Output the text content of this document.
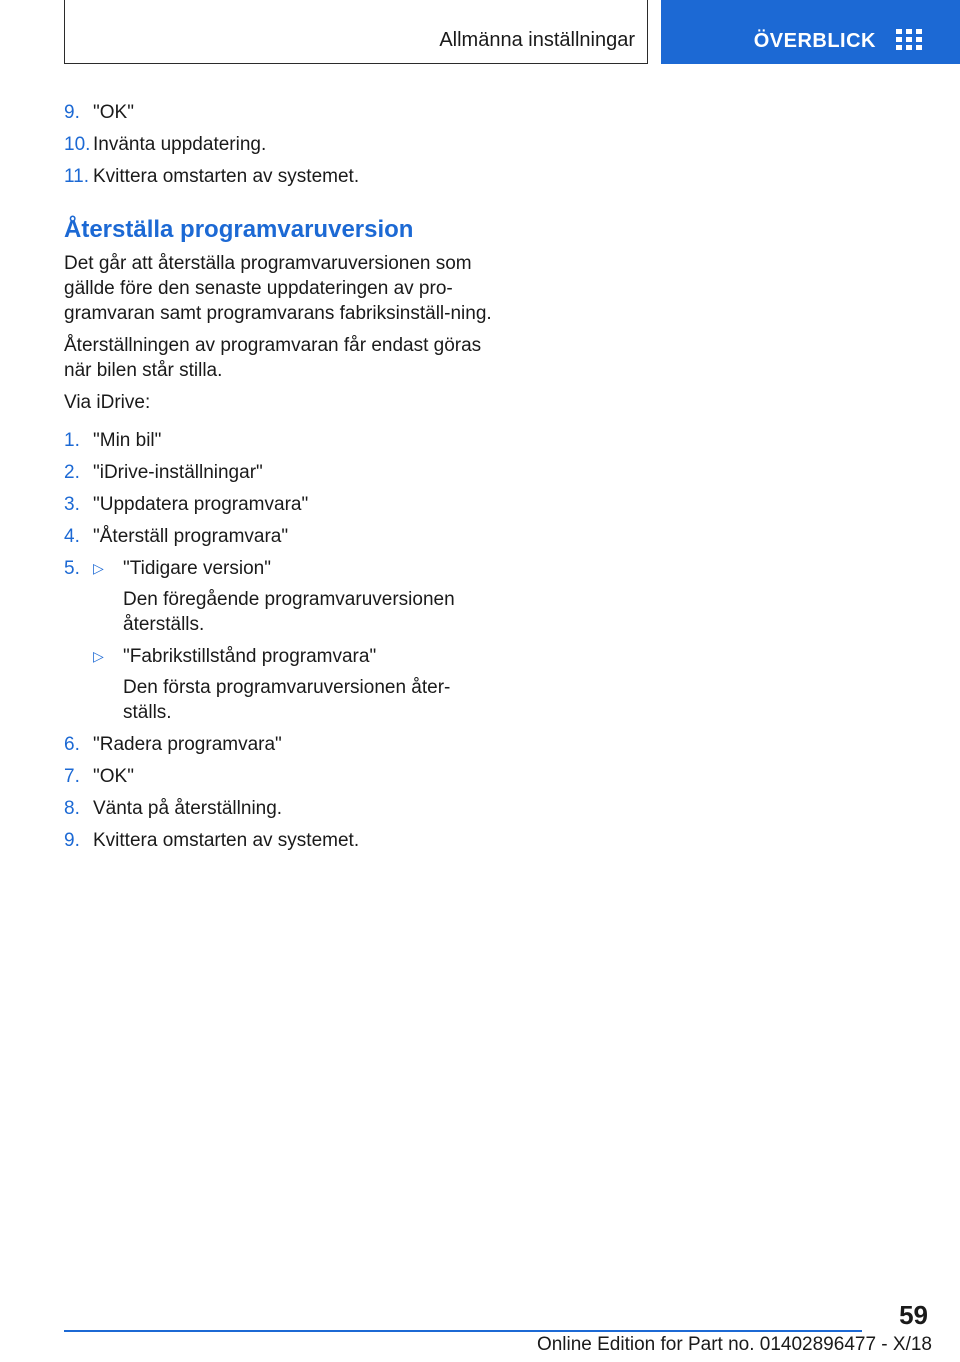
Allmänna inställningar	ÖVERBLICK
9. "OK"
10. Invänta uppdatering.
11. Kvittera omstarten av systemet.
Återställa programvaruversion

Det går att återställa programvaruversionen som gällde före den senaste uppdateringen av pro-gramvaran samt programvarans fabriksinställ-ning.

Återställningen av programvaran får endast göras när bilen står stilla.

Via iDrive:

1. "Min bil"
2. "iDrive-inställningar"
3. "Uppdatera programvara"
4. "Återställ programvara"
5. ▷	"Tidigare version"
Den föregående programvaruversionen återställs.
▷	"Fabrikstillstånd programvara"
Den första programvaruversionen åter-ställs.
6. "Radera programvara"
7. "OK"
8. Vänta på återställning.
9. Kvittera omstarten av systemet.
59
Online Edition for Part no. 01402896477 - X/18
